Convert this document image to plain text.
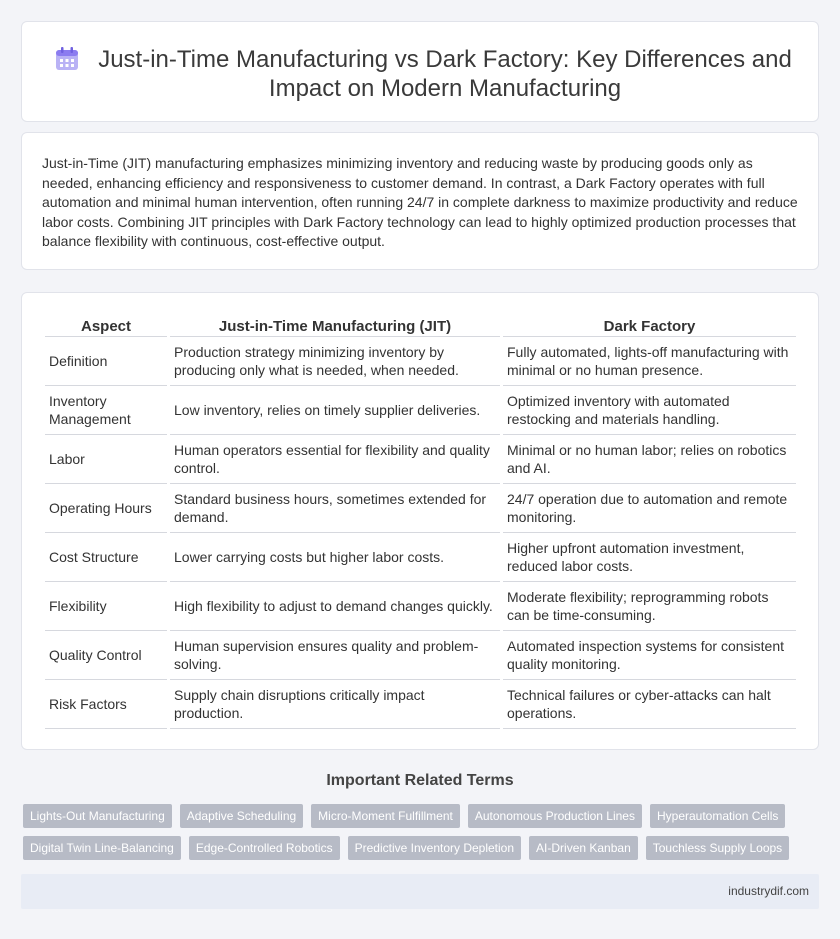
Just-in-Time Manufacturing vs Dark Factory: Key Differences and Impact on Modern Manufacturing

Just-in-Time (JIT) manufacturing emphasizes minimizing inventory and reducing waste by producing goods only as needed, enhancing efficiency and responsiveness to customer demand. In contrast, a Dark Factory operates with full automation and minimal human intervention, often running 24/7 in complete darkness to maximize productivity and reduce labor costs. Combining JIT principles with Dark Factory technology can lead to highly optimized production processes that balance flexibility with continuous, cost-effective output.

Aspect	Just-in-Time Manufacturing (JIT)	Dark Factory
Definition	Production strategy minimizing inventory by producing only what is needed, when needed.	Fully automated, lights-off manufacturing with minimal or no human presence.
Inventory Management	Low inventory, relies on timely supplier deliveries.	Optimized inventory with automated restocking and materials handling.
Labor	Human operators essential for flexibility and quality control.	Minimal or no human labor; relies on robotics and AI.
Operating Hours	Standard business hours, sometimes extended for demand.	24/7 operation due to automation and remote monitoring.
Cost Structure	Lower carrying costs but higher labor costs.	Higher upfront automation investment, reduced labor costs.
Flexibility	High flexibility to adjust to demand changes quickly.	Moderate flexibility; reprogramming robots can be time-consuming.
Quality Control	Human supervision ensures quality and problem-solving.	Automated inspection systems for consistent quality monitoring.
Risk Factors	Supply chain disruptions critically impact production.	Technical failures or cyber-attacks can halt operations.
Important Related Terms
Lights-Out Manufacturing	Adaptive Scheduling	Micro-Moment Fulfillment	Autonomous Production Lines	Hyperautomation Cells
Digital Twin Line-Balancing	Edge-Controlled Robotics	Predictive Inventory Depletion	AI-Driven Kanban	Touchless Supply Loops
industrydif.com
